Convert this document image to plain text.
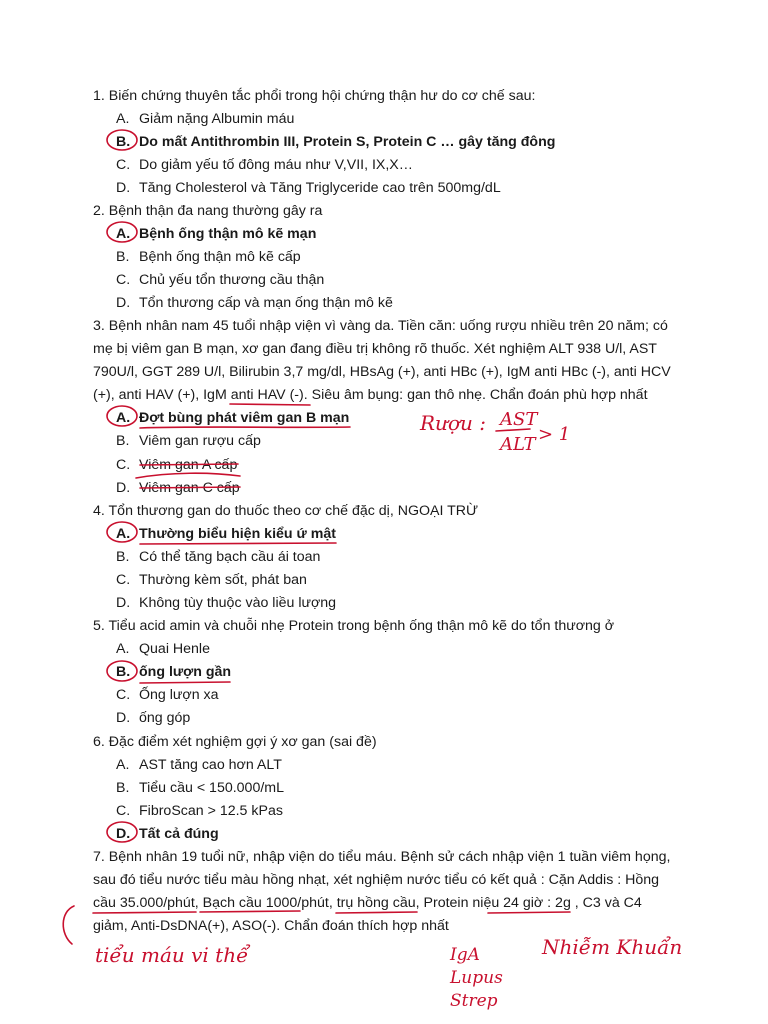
1. Biến chứng thuyên tắc phổi trong hội chứng thận hư do cơ chế sau:
A. Giảm nặng Albumin máu
B. Do mất Antithrombin III, Protein S, Protein C … gây tăng đông
C. Do giảm yếu tố đông máu như V,VII, IX,X…
D. Tăng Cholesterol và Tăng Triglyceride cao trên 500mg/dL
2. Bệnh thận đa nang thường gây ra
A. Bệnh ống thận mô kẽ mạn
B. Bệnh ống thận mô kẽ cấp
C. Chủ yếu tổn thương cầu thận
D. Tổn thương cấp và mạn ống thận mô kẽ
3. Bệnh nhân nam 45 tuổi nhập viện vì vàng da. Tiền căn: uống rượu nhiều trên 20 năm; có
mẹ bị viêm gan B mạn, xơ gan đang điều trị không rõ thuốc. Xét nghiệm ALT 938 U/l, AST
790U/l, GGT 289 U/l, Bilirubin 3,7 mg/dl, HBsAg (+), anti HBc (+), IgM anti HBc (-), anti HCV
(+), anti HAV (+), IgM anti HAV (-). Siêu âm bụng: gan thô nhẹ. Chẩn đoán phù hợp nhất
A. Đợt bùng phát viêm gan B mạn
B. Viêm gan rượu cấp
C. Viêm gan A cấp
D. Viêm gan C cấp
4. Tổn thương gan do thuốc theo cơ chế đặc dị, NGOẠI TRỪ
A. Thường biểu hiện kiểu ứ mật
B. Có thể tăng bạch cầu ái toan
C. Thường kèm sốt, phát ban
D. Không tùy thuộc vào liều lượng
5. Tiểu acid amin và chuỗi nhẹ Protein trong bệnh ống thận mô kẽ do tổn thương ở
A. Quai Henle
B. ống lượn gần
C. Ống lượn xa
D. ống góp
6. Đặc điểm xét nghiệm gợi ý xơ gan (sai đề)
A. AST tăng cao hơn ALT
B. Tiểu cầu < 150.000/mL
C. FibroScan > 12.5 kPas
D. Tất cả đúng
7. Bệnh nhân 19 tuổi nữ, nhập viện do tiểu máu. Bệnh sử cách nhập viện 1 tuần viêm họng,
sau đó tiểu nước tiểu màu hồng nhạt, xét nghiệm nước tiểu có kết quả : Cặn Addis : Hồng
cầu 35.000/phút, Bạch cầu 1000/phút, trụ hồng cầu, Protein niệu 24 giờ : 2g , C3 và C4
giảm, Anti-DsDNA(+), ASO(-). Chẩn đoán thích hợp nhất
Rượu : AST
ALT > 1
tiểu máu vi thể	Nhiễm Khuẩn
IgA
Lupus
Strep
